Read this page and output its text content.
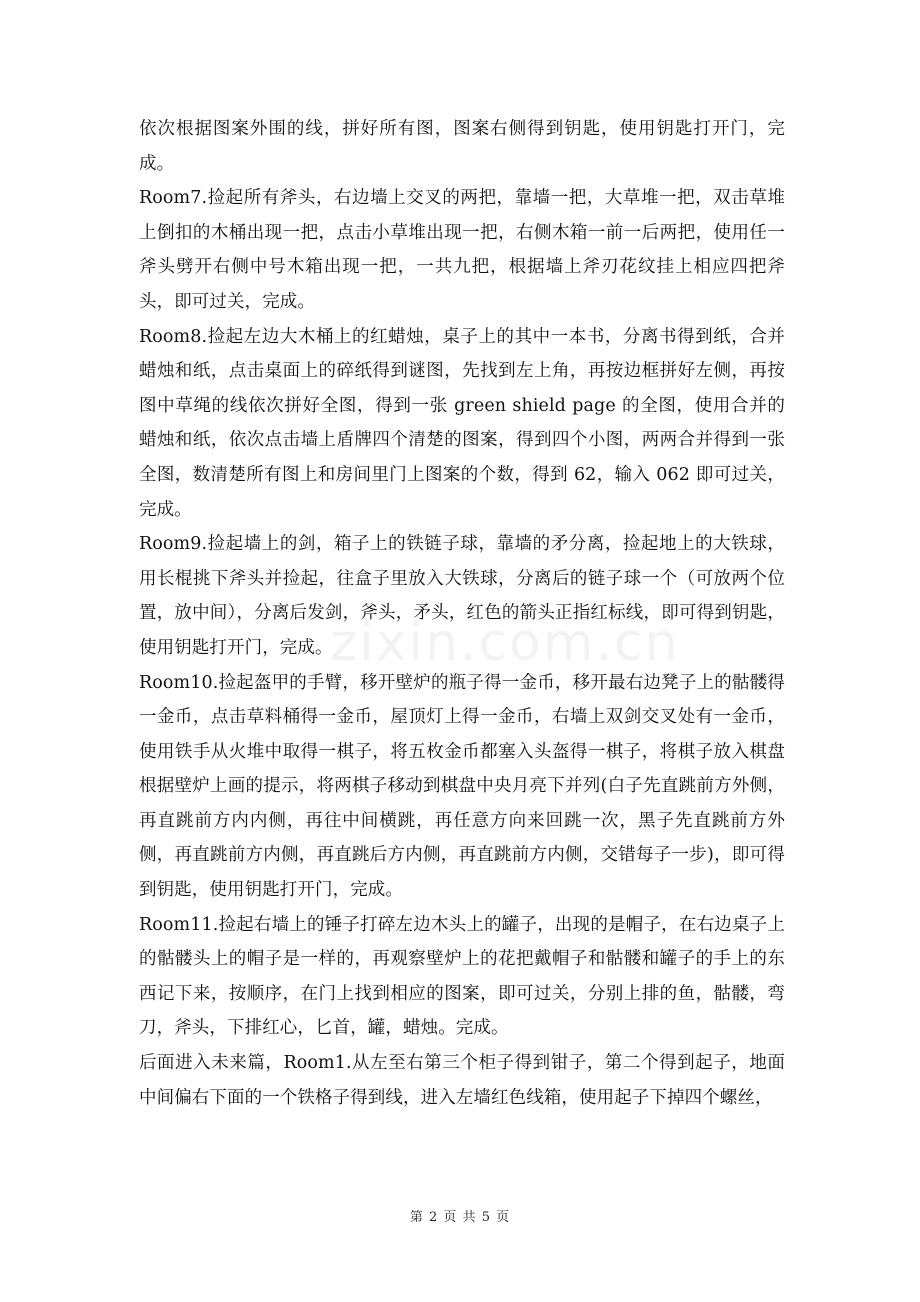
依次根据图案外围的线，拼好所有图，图案右侧得到钥匙，使用钥匙打开门，完成。

Room7.捡起所有斧头，右边墙上交叉的两把，靠墙一把，大草堆一把，双击草堆上倒扣的木桶出现一把，点击小草堆出现一把，右侧木箱一前一后两把，使用任一斧头劈开右侧中号木箱出现一把，一共九把，根据墙上斧刃花纹挂上相应四把斧头，即可过关，完成。

Room8.捡起左边大木桶上的红蜡烛，桌子上的其中一本书，分离书得到纸，合并蜡烛和纸，点击桌面上的碎纸得到谜图，先找到左上角，再按边框拼好左侧，再按图中草绳的线依次拼好全图，得到一张 green shield page 的全图，使用合并的蜡烛和纸，依次点击墙上盾牌四个清楚的图案，得到四个小图，两两合并得到一张全图，数清楚所有图上和房间里门上图案的个数，得到 62，输入 062 即可过关，完成。

Room9.捡起墙上的剑，箱子上的铁链子球，靠墙的矛分离，捡起地上的大铁球，用长棍挑下斧头并捡起，往盒子里放入大铁球，分离后的链子球一个（可放两个位置，放中间），分离后发剑，斧头，矛头，红色的箭头正指红标线，即可得到钥匙，使用钥匙打开门，完成。

Room10.捡起盔甲的手臂，移开壁炉的瓶子得一金币，移开最右边凳子上的骷髅得一金币，点击草料桶得一金币，屋顶灯上得一金币，右墙上双剑交叉处有一金币，使用铁手从火堆中取得一棋子，将五枚金币都塞入头盔得一棋子，将棋子放入棋盘根据壁炉上画的提示，将两棋子移动到棋盘中央月亮下并列(白子先直跳前方外侧，再直跳前方内内侧，再往中间横跳，再任意方向来回跳一次，黑子先直跳前方外侧，再直跳前方内侧，再直跳后方内侧，再直跳前方内侧，交错每子一步)，即可得到钥匙，使用钥匙打开门，完成。

Room11.捡起右墙上的锤子打碎左边木头上的罐子，出现的是帽子，在右边桌子上的骷髅头上的帽子是一样的，再观察壁炉上的花把戴帽子和骷髅和罐子的手上的东西记下来，按顺序，在门上找到相应的图案，即可过关，分别上排的鱼，骷髅，弯刀，斧头，下排红心，匕首，罐，蜡烛。完成。

后面进入未来篇，Room1.从左至右第三个柜子得到钳子，第二个得到起子，地面中间偏右下面的一个铁格子得到线，进入左墙红色线箱，使用起子下掉四个螺丝，

zixin.com.cn
第 2 页 共 5 页
